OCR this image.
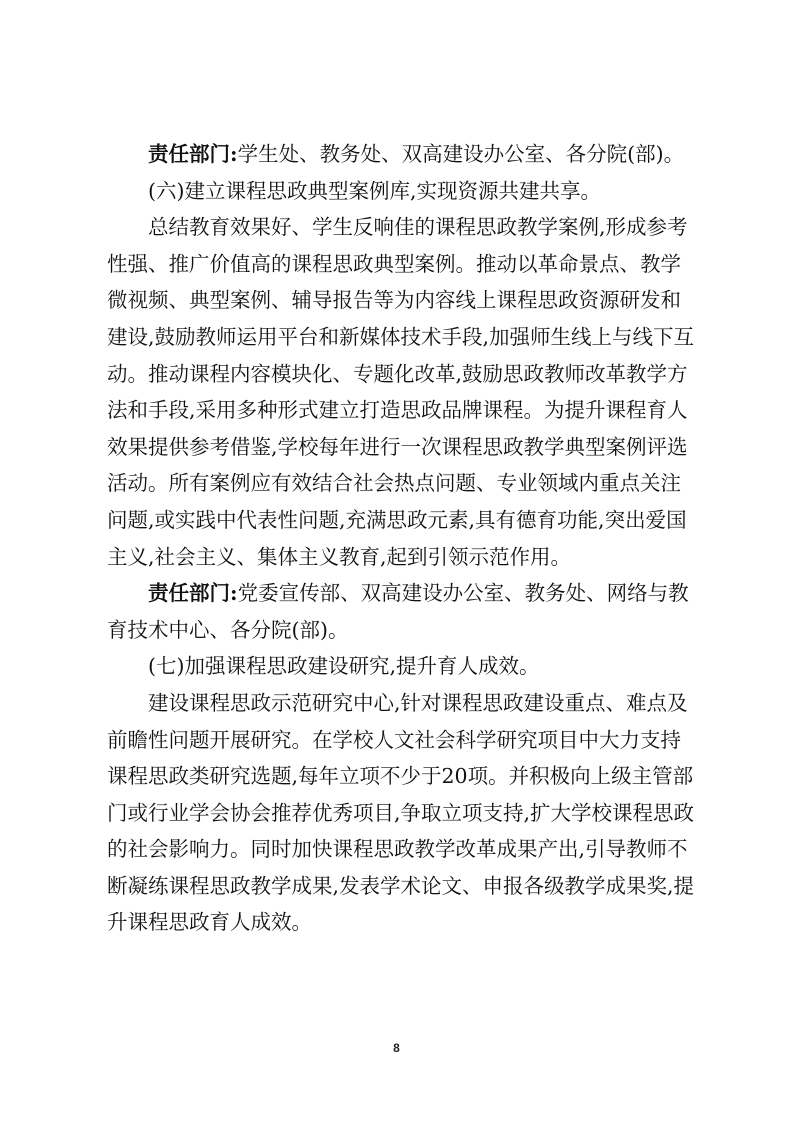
责任部门:学生处、教务处、双高建设办公室、各分院(部)。

(六)建立课程思政典型案例库,实现资源共建共享。

总结教育效果好、学生反响佳的课程思政教学案例,形成参考性强、推广价值高的课程思政典型案例。推动以革命景点、教学微视频、典型案例、辅导报告等为内容线上课程思政资源研发和建设,鼓励教师运用平台和新媒体技术手段,加强师生线上与线下互动。推动课程内容模块化、专题化改革,鼓励思政教师改革教学方法和手段,采用多种形式建立打造思政品牌课程。为提升课程育人效果提供参考借鉴,学校每年进行一次课程思政教学典型案例评选活动。所有案例应有效结合社会热点问题、专业领域内重点关注问题,或实践中代表性问题,充满思政元素,具有德育功能,突出爱国主义,社会主义、集体主义教育,起到引领示范作用。

责任部门:党委宣传部、双高建设办公室、教务处、网络与教育技术中心、各分院(部)。

(七)加强课程思政建设研究,提升育人成效。

建设课程思政示范研究中心,针对课程思政建设重点、难点及前瞻性问题开展研究。在学校人文社会科学研究项目中大力支持课程思政类研究选题,每年立项不少于20项。并积极向上级主管部门或行业学会协会推荐优秀项目,争取立项支持,扩大学校课程思政的社会影响力。同时加快课程思政教学改革成果产出,引导教师不断凝练课程思政教学成果,发表学术论文、申报各级教学成果奖,提升课程思政育人成效。

8
